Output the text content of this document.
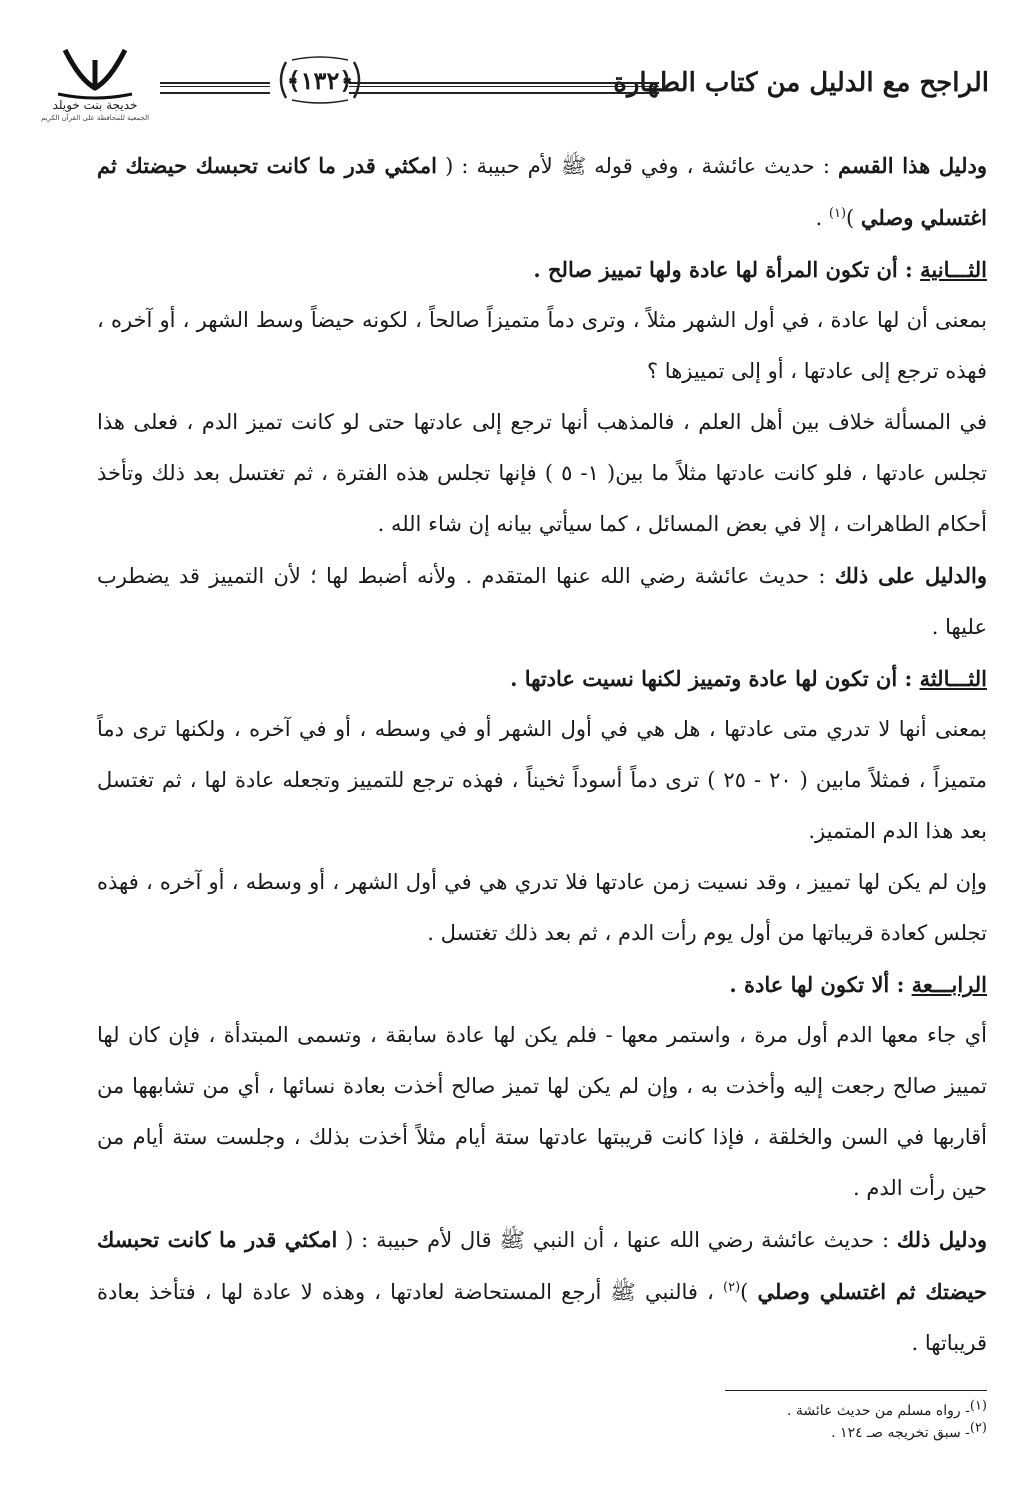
الراجح مع الدليل من كتاب الطهارة
﴿١٣٢﴾
خديجة بنت خويلد
الجمعية للمحافظة على القرآن الكريم

ودليل هذا القسم : حديث عائشة ، وفي قوله ﷺ لأم حبيبة : ( امكثي قدر ما كانت تحبسك حيضتك ثم اغتسلي وصلي )$^{(١)}$ .

الثـــانية : أن تكون المرأة لها عادة ولها تمييز صالح .

بمعنى أن لها عادة ، في أول الشهر مثلاً ، وترى دماً متميزاً صالحاً ، لكونه حيضاً وسط الشهر ، أو آخره ، فهذه ترجع إلى عادتها ، أو إلى تمييزها ؟

في المسألة خلاف بين أهل العلم ، فالمذهب أنها ترجع إلى عادتها حتى لو كانت تميز الدم ، فعلى هذا تجلس عادتها ، فلو كانت عادتها مثلاً ما بين( ١- ٥ ) فإنها تجلس هذه الفترة ، ثم تغتسل بعد ذلك وتأخذ أحكام الطاهرات ، إلا في بعض المسائل ، كما سيأتي بيانه إن شاء الله .

والدليل على ذلك : حديث عائشة رضي الله عنها المتقدم . ولأنه أضبط لها ؛ لأن التمييز قد يضطرب عليها .

الثـــالثة : أن تكون لها عادة وتمييز لكنها نسيت عادتها .

بمعنى أنها لا تدري متى عادتها ، هل هي في أول الشهر أو في وسطه ، أو في آخره ، ولكنها ترى دماً متميزاً ، فمثلاً مابين ( ٢٠ - ٢٥ ) ترى دماً أسوداً ثخيناً ، فهذه ترجع للتمييز وتجعله عادة لها ، ثم تغتسل بعد هذا الدم المتميز.

وإن لم يكن لها تمييز ، وقد نسيت زمن عادتها فلا تدري هي في أول الشهر ، أو وسطه ، أو آخره ، فهذه تجلس كعادة قريباتها من أول يوم رأت الدم ، ثم بعد ذلك تغتسل .

الرابـــعة : ألا تكون لها عادة .

أي جاء معها الدم أول مرة ، واستمر معها - فلم يكن لها عادة سابقة ، وتسمى المبتدأة ، فإن كان لها تمييز صالح رجعت إليه وأخذت به ، وإن لم يكن لها تميز صالح أخذت بعادة نسائها ، أي من تشابهها من أقاربها في السن والخلقة ، فإذا كانت قريبتها عادتها ستة أيام مثلاً أخذت بذلك ، وجلست ستة أيام من حين رأت الدم .

ودليل ذلك : حديث عائشة رضي الله عنها ، أن النبي ﷺ قال لأم حبيبة : ( امكثي قدر ما كانت تحبسك حيضتك ثم اغتسلي وصلي )$^{(٢)}$ ، فالنبي ﷺ أرجع المستحاضة لعادتها ، وهذه لا عادة لها ، فتأخذ بعادة قريباتها .

$^{(١)}$- رواه مسلم من حديث عائشة .

$^{(٢)}$- سبق تخريجه صـ ١٢٤ .
